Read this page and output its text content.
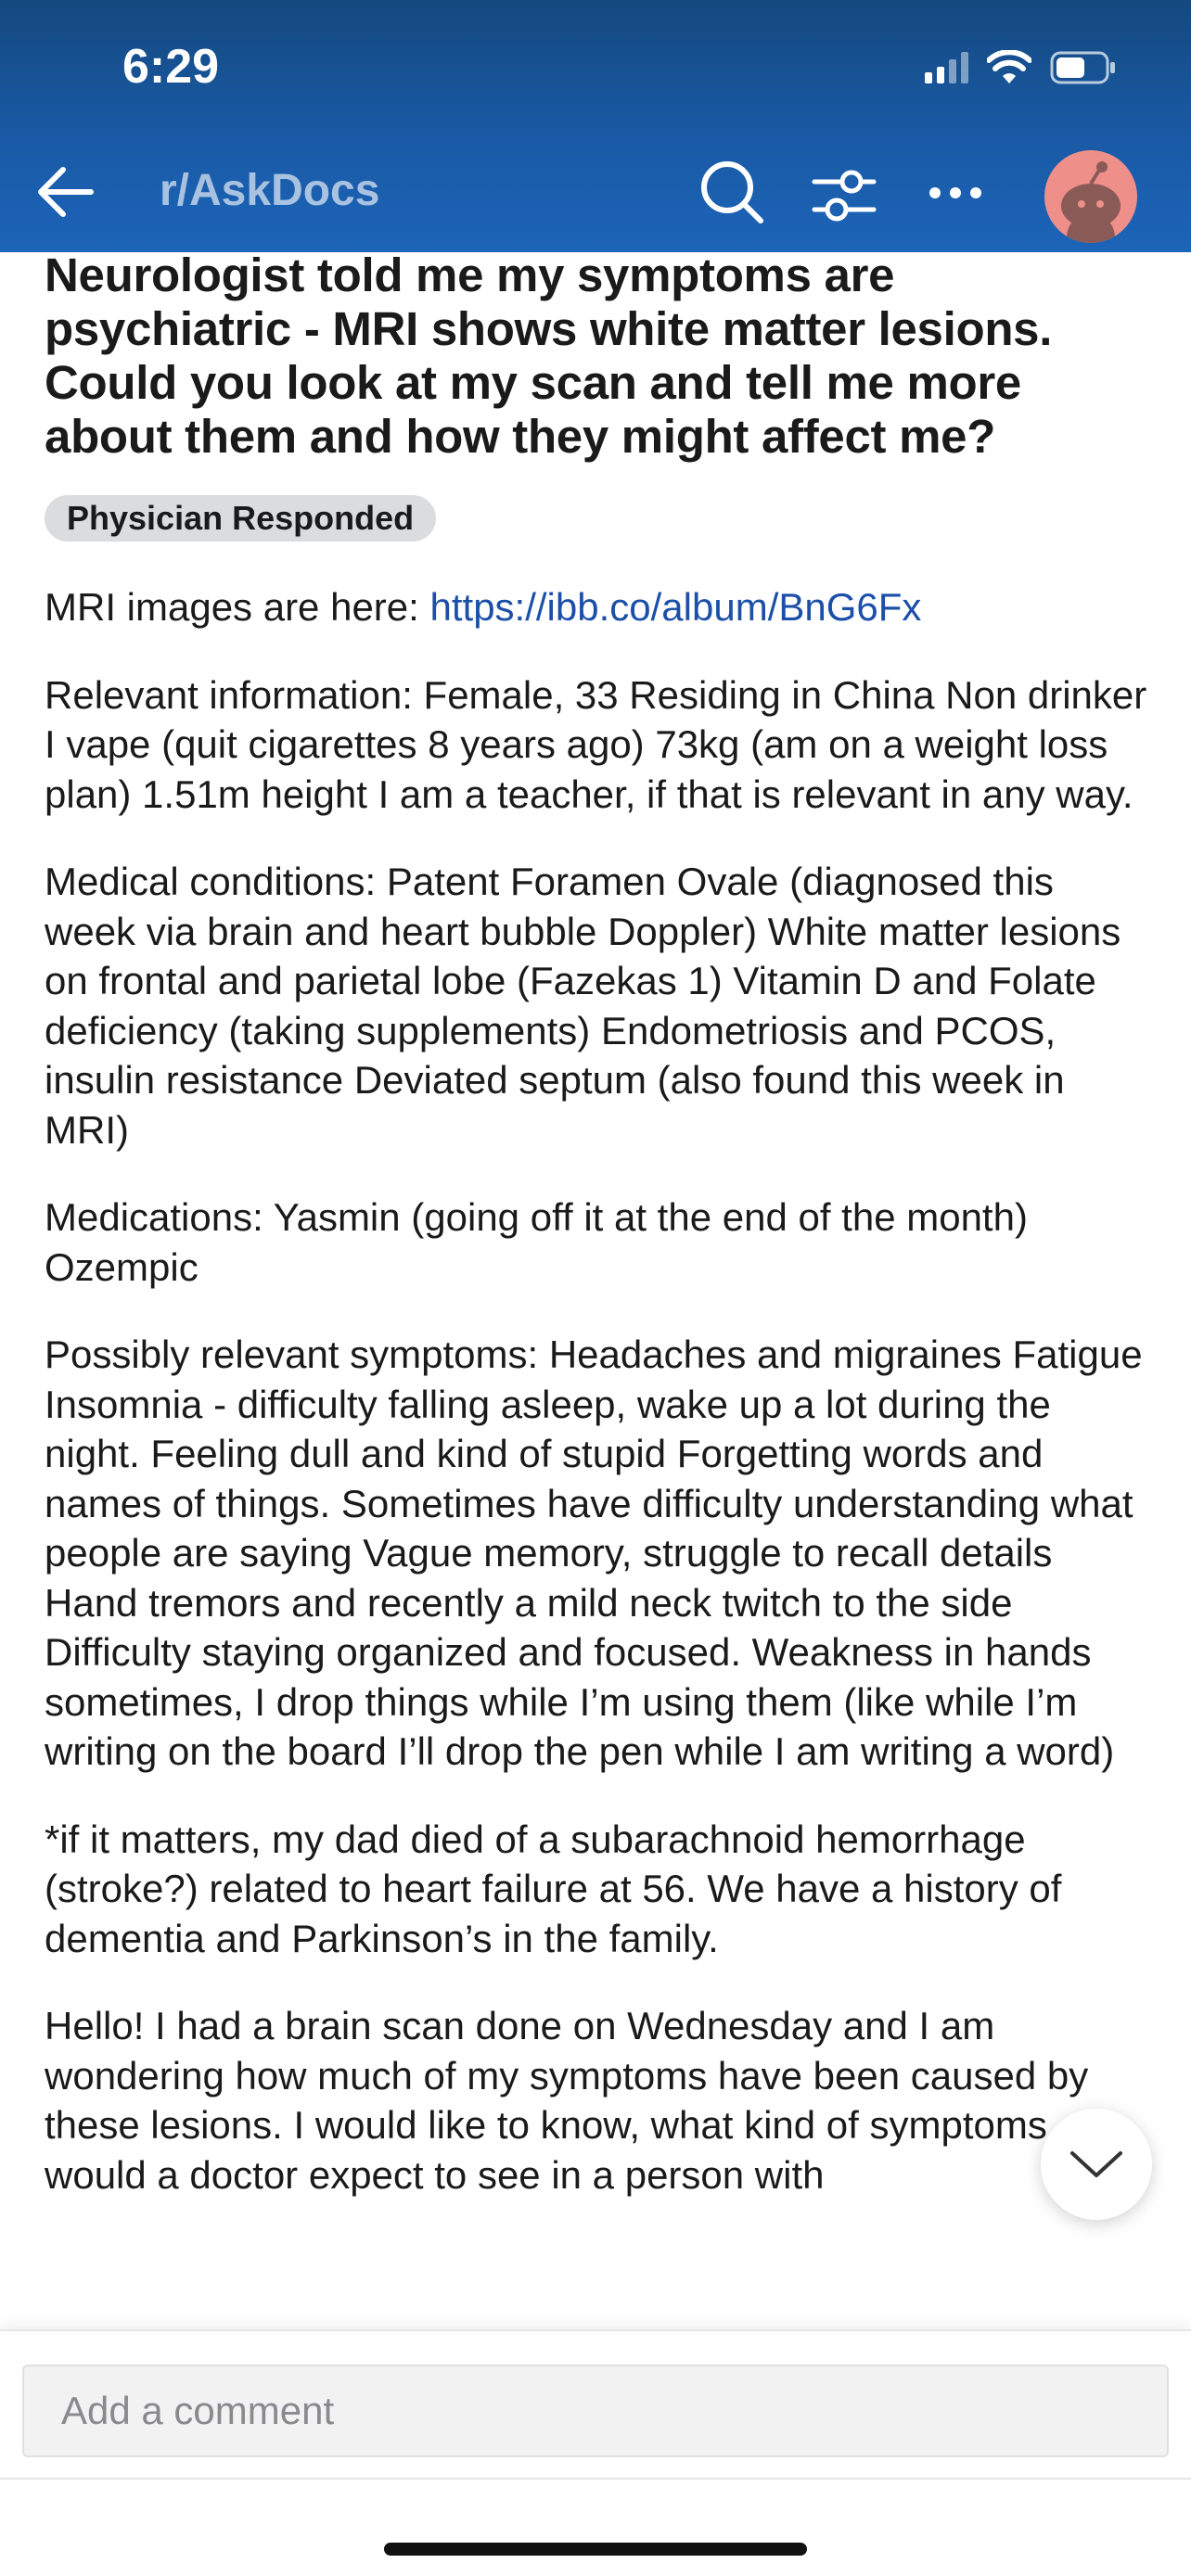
6:29
r/AskDocs
Neurologist told me my symptoms are psychiatric - MRI shows white matter lesions. Could you look at my scan and tell me more about them and how they might affect me?
Physician Responded

MRI images are here: https://ibb.co/album/BnG6Fx

Relevant information: Female, 33 Residing in China Non drinker I vape (quit cigarettes 8 years ago) 73kg (am on a weight loss plan) 1.51m height I am a teacher, if that is relevant in any way.

Medical conditions: Patent Foramen Ovale (diagnosed this week via brain and heart bubble Doppler) White matter lesions on frontal and parietal lobe (Fazekas 1) Vitamin D and Folate deficiency (taking supplements) Endometriosis and PCOS, insulin resistance Deviated septum (also found this week in MRI)

Medications: Yasmin (going off it at the end of the month) Ozempic

Possibly relevant symptoms: Headaches and migraines Fatigue Insomnia - difficulty falling asleep, wake up a lot during the night. Feeling dull and kind of stupid Forgetting words and names of things. Sometimes have difficulty understanding what people are saying Vague memory, struggle to recall details Hand tremors and recently a mild neck twitch to the side Difficulty staying organized and focused. Weakness in hands sometimes, I drop things while I’m using them (like while I’m writing on the board I’ll drop the pen while I am writing a word)

*if it matters, my dad died of a subarachnoid hemorrhage (stroke?) related to heart failure at 56. We have a history of dementia and Parkinson’s in the family.

Hello! I had a brain scan done on Wednesday and I am wondering how much of my symptoms have been caused by these lesions. I would like to know, what kind of symptoms would a doctor expect to see in a person with

Add a comment
